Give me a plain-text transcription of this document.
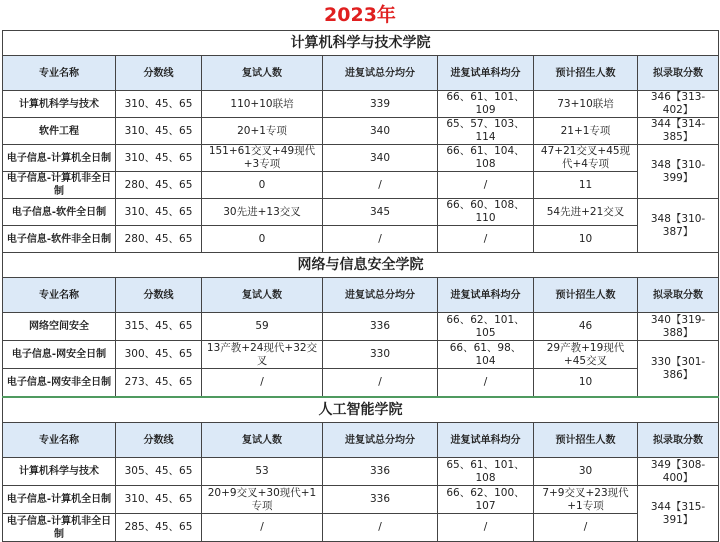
2023年
计算机科学与技术学院						
专业名称	分数线	复试人数	进复试总分均分	进复试单科均分	预计招生人数	拟录取分数
计算机科学与技术	310、45、65	110+10联培	339	66、61、101、109	73+10联培	346【313-402】
软件工程	310、45、65	20+1专项	340	65、57、103、114	21+1专项	344【314-385】
电子信息-计算机全日制	310、45、65	151+61交叉+49现代+3专项	340	66、61、104、108	47+21交叉+45现代+4专项	348【310-399】
电子信息-计算机非全日制	280、45、65	0	/	/	11	
电子信息-软件全日制	310、45、65	30先进+13交叉	345	66、60、108、110	54先进+21交叉	348【310-387】
电子信息-软件非全日制	280、45、65	0	/	/	10	
网络与信息安全学院						
专业名称	分数线	复试人数	进复试总分均分	进复试单科均分	预计招生人数	拟录取分数
网络空间安全	315、45、65	59	336	66、62、101、105	46	340【319-388】
电子信息-网安全日制	300、45、65	13产教+24现代+32交叉	330	66、61、98、104	29产教+19现代+45交叉	330【301-386】
电子信息-网安非全日制	273、45、65	/	/	/	10	
人工智能学院						
专业名称	分数线	复试人数	进复试总分均分	进复试单科均分	预计招生人数	拟录取分数
计算机科学与技术	305、45、65	53	336	65、61、101、108	30	349【308-400】
电子信息-计算机全日制	310、45、65	20+9交叉+30现代+1专项	336	66、62、100、107	7+9交叉+23现代+1专项	344【315-391】
电子信息-计算机非全日制	285、45、65	/	/	/	/	
